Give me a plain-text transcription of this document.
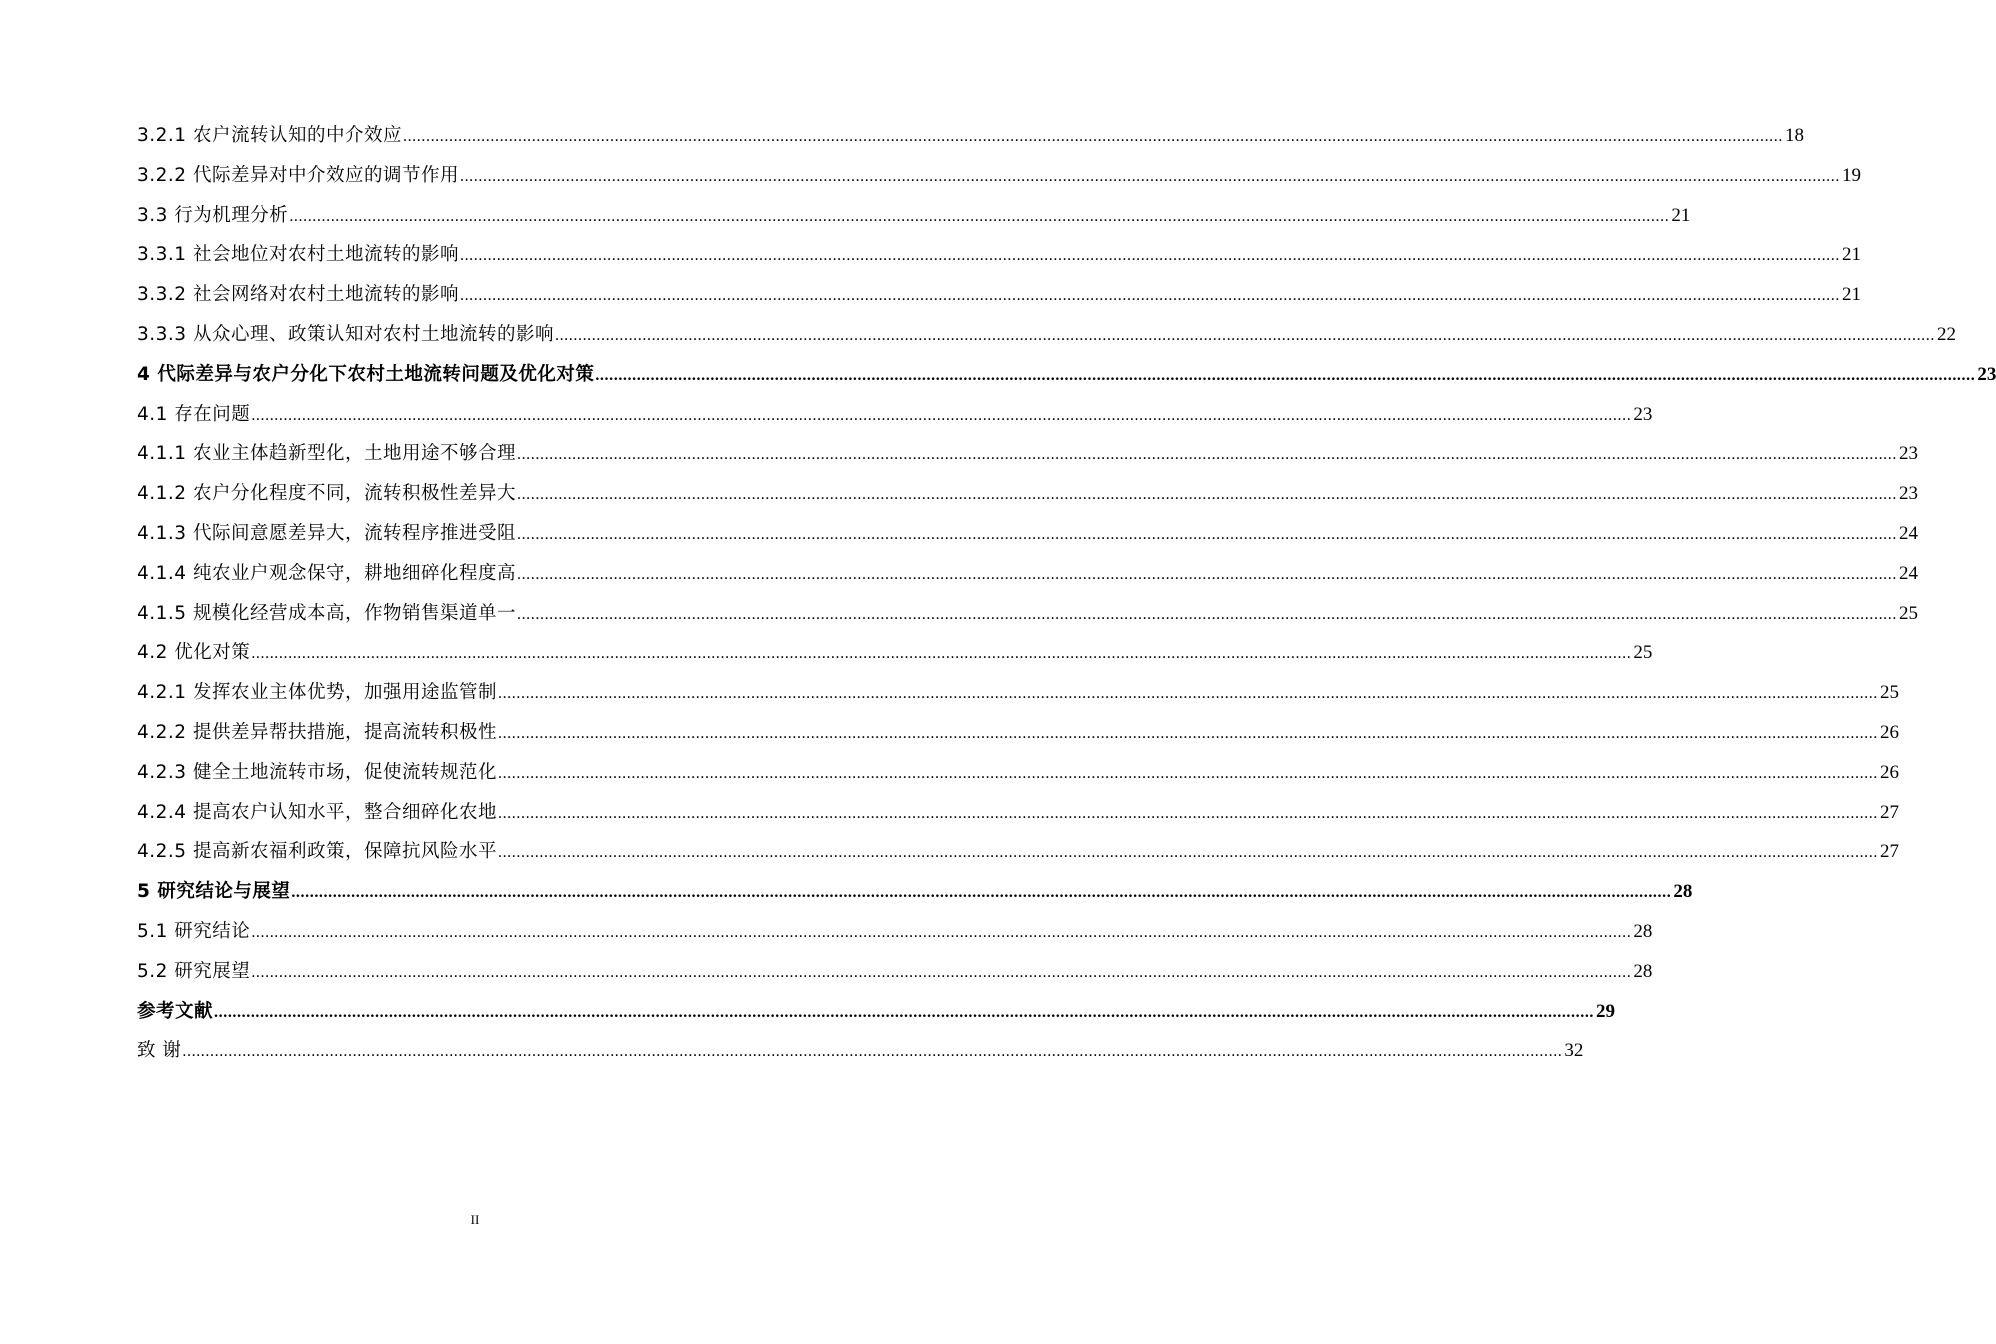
3.2.1 农户流转认知的中介效应 ............................................................................................................................................................................................................................................................................................................ 18
3.2.2 代际差异对中介效应的调节作用 ............................................................................................................................................................................................................................................................................................................ 19
3.3 行为机理分析 ............................................................................................................................................................................................................................................................................................................ 21
3.3.1 社会地位对农村土地流转的影响 ............................................................................................................................................................................................................................................................................................................ 21
3.3.2 社会网络对农村土地流转的影响 ............................................................................................................................................................................................................................................................................................................ 21
3.3.3 从众心理、政策认知对农村土地流转的影响 ............................................................................................................................................................................................................................................................................................................ 22
4 代际差异与农户分化下农村土地流转问题及优化对策 ............................................................................................................................................................................................................................................................................................................ 23
4.1 存在问题 ............................................................................................................................................................................................................................................................................................................ 23
4.1.1 农业主体趋新型化，土地用途不够合理 ............................................................................................................................................................................................................................................................................................................ 23
4.1.2 农户分化程度不同，流转积极性差异大 ............................................................................................................................................................................................................................................................................................................ 23
4.1.3 代际间意愿差异大，流转程序推进受阻 ............................................................................................................................................................................................................................................................................................................ 24
4.1.4 纯农业户观念保守，耕地细碎化程度高 ............................................................................................................................................................................................................................................................................................................ 24
4.1.5 规模化经营成本高，作物销售渠道单一 ............................................................................................................................................................................................................................................................................................................ 25
4.2 优化对策 ............................................................................................................................................................................................................................................................................................................ 25
4.2.1 发挥农业主体优势，加强用途监管制 ............................................................................................................................................................................................................................................................................................................ 25
4.2.2 提供差异帮扶措施，提高流转积极性 ............................................................................................................................................................................................................................................................................................................ 26
4.2.3 健全土地流转市场，促使流转规范化 ............................................................................................................................................................................................................................................................................................................ 26
4.2.4 提高农户认知水平，整合细碎化农地 ............................................................................................................................................................................................................................................................................................................ 27
4.2.5 提高新农福利政策，保障抗风险水平 ............................................................................................................................................................................................................................................................................................................ 27
5 研究结论与展望 ............................................................................................................................................................................................................................................................................................................ 28
5.1 研究结论 ............................................................................................................................................................................................................................................................................................................ 28
5.2 研究展望 ............................................................................................................................................................................................................................................................................................................ 28
参考文献 ............................................................................................................................................................................................................................................................................................................ 29
致 谢 ............................................................................................................................................................................................................................................................................................................ 32
II
